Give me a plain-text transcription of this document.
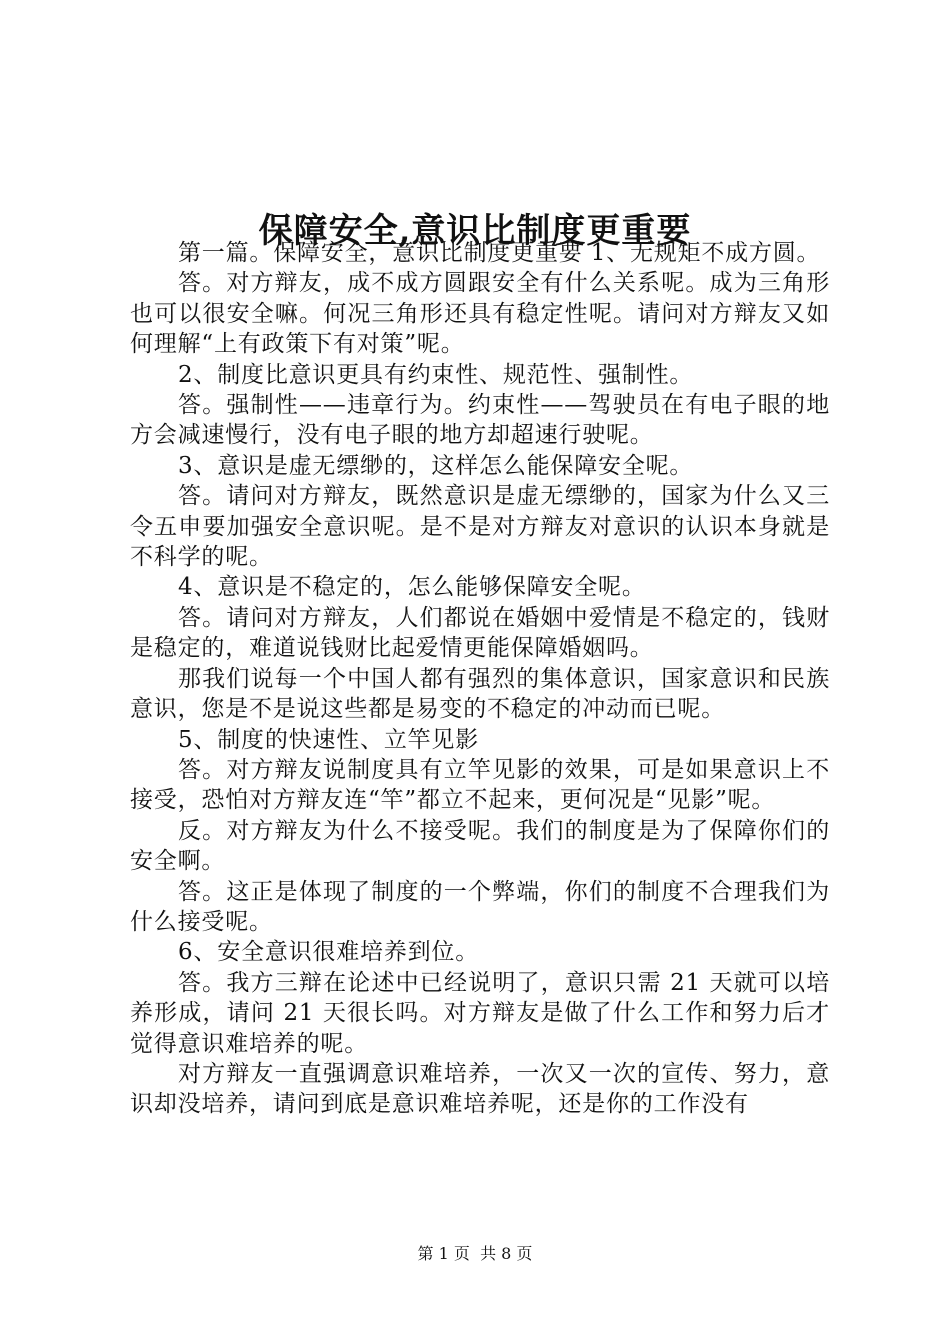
保障安全,意识比制度更重要

第一篇。保障安全，意识比制度更重要 1、无规矩不成方圆。

答。对方辩友，成不成方圆跟安全有什么关系呢。成为三角形也可以很安全嘛。何况三角形还具有稳定性呢。请问对方辩友又如何理解“上有政策下有对策”呢。

2、制度比意识更具有约束性、规范性、强制性。

答。强制性——违章行为。约束性——驾驶员在有电子眼的地方会减速慢行，没有电子眼的地方却超速行驶呢。

3、意识是虚无缥缈的，这样怎么能保障安全呢。

答。请问对方辩友，既然意识是虚无缥缈的，国家为什么又三令五申要加强安全意识呢。是不是对方辩友对意识的认识本身就是不科学的呢。

4、意识是不稳定的，怎么能够保障安全呢。

答。请问对方辩友，人们都说在婚姻中爱情是不稳定的，钱财是稳定的，难道说钱财比起爱情更能保障婚姻吗。

那我们说每一个中国人都有强烈的集体意识，国家意识和民族意识，您是不是说这些都是易变的不稳定的冲动而已呢。

5、制度的快速性、立竿见影

答。对方辩友说制度具有立竿见影的效果，可是如果意识上不接受，恐怕对方辩友连“竿”都立不起来，更何况是“见影”呢。

反。对方辩友为什么不接受呢。我们的制度是为了保障你们的安全啊。

答。这正是体现了制度的一个弊端，你们的制度不合理我们为什么接受呢。

6、安全意识很难培养到位。

答。我方三辩在论述中已经说明了，意识只需 21 天就可以培养形成，请问 21 天很长吗。对方辩友是做了什么工作和努力后才觉得意识难培养的呢。

对方辩友一直强调意识难培养，一次又一次的宣传、努力，意识却没培养，请问到底是意识难培养呢，还是你的工作没有

第 1 页  共 8 页
